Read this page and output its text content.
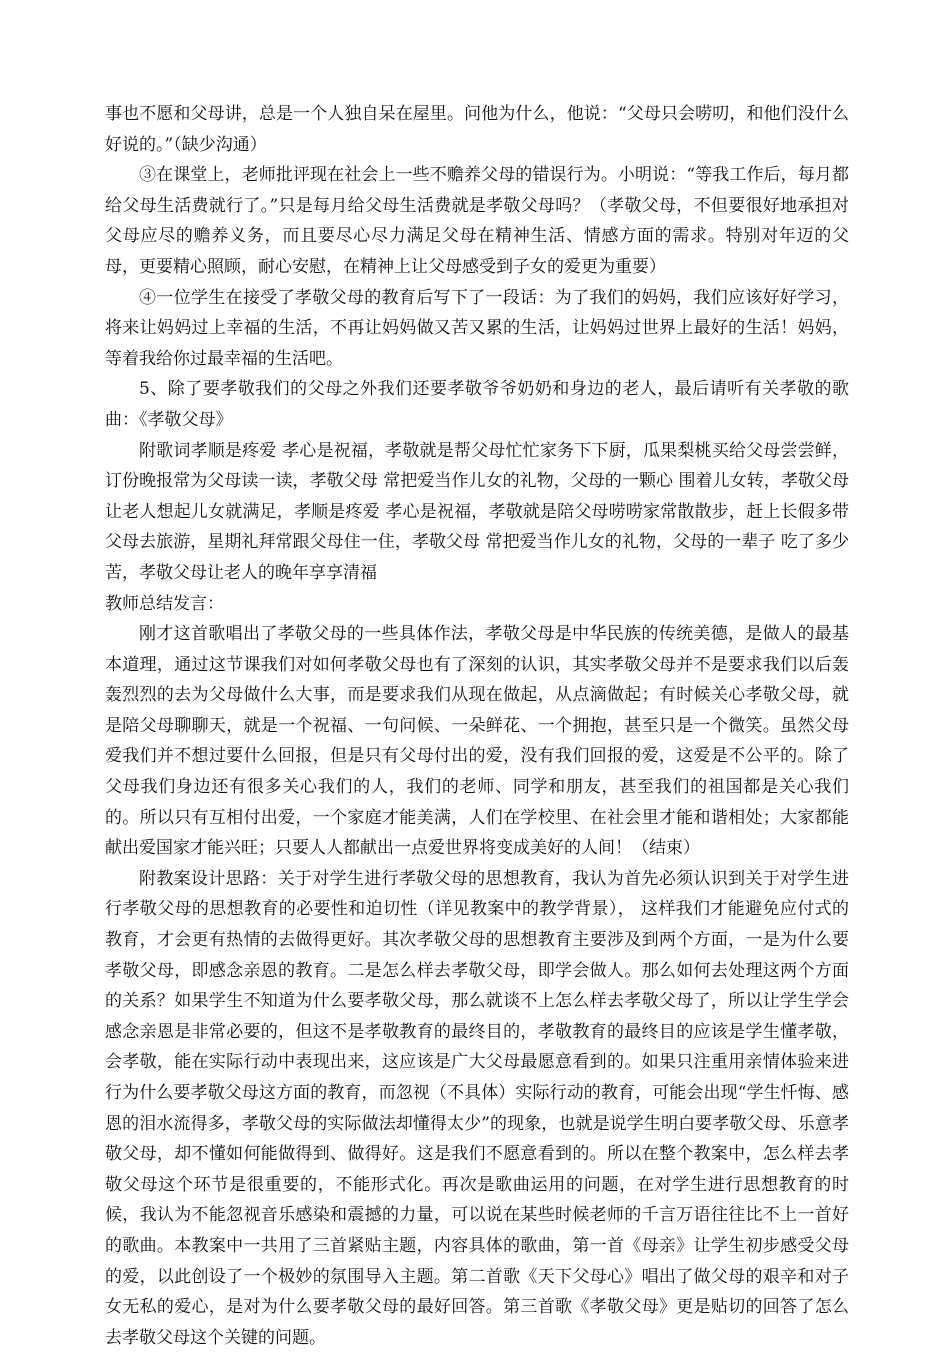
事也不愿和父母讲，总是一个人独自呆在屋里。问他为什么，他说：“父母只会唠叨，和他们没什么好说的。”（缺少沟通）

③在课堂上，老师批评现在社会上一些不赡养父母的错误行为。小明说：“等我工作后，每月都给父母生活费就行了。”只是每月给父母生活费就是孝敬父母吗？（孝敬父母，不但要很好地承担对父母应尽的赡养义务，而且要尽心尽力满足父母在精神生活、情感方面的需求。特别对年迈的父母，更要精心照顾，耐心安慰，在精神上让父母感受到子女的爱更为重要）

④一位学生在接受了孝敬父母的教育后写下了一段话：为了我们的妈妈，我们应该好好学习，将来让妈妈过上幸福的生活，不再让妈妈做又苦又累的生活，让妈妈过世界上最好的生活！妈妈，等着我给你过最幸福的生活吧。

5、除了要孝敬我们的父母之外我们还要孝敬爷爷奶奶和身边的老人，最后请听有关孝敬的歌曲：《孝敬父母》

附歌词孝顺是疼爱 孝心是祝福，孝敬就是帮父母忙忙家务下下厨，瓜果梨桃买给父母尝尝鲜，订份晚报常为父母读一读，孝敬父母 常把爱当作儿女的礼物，父母的一颗心 围着儿女转，孝敬父母让老人想起儿女就满足，孝顺是疼爱 孝心是祝福，孝敬就是陪父母唠唠家常散散步，赶上长假多带父母去旅游，星期礼拜常跟父母住一住，孝敬父母 常把爱当作儿女的礼物，父母的一辈子 吃了多少苦，孝敬父母让老人的晚年享享清福

教师总结发言：

刚才这首歌唱出了孝敬父母的一些具体作法，孝敬父母是中华民族的传统美德，是做人的最基本道理，通过这节课我们对如何孝敬父母也有了深刻的认识，其实孝敬父母并不是要求我们以后轰轰烈烈的去为父母做什么大事，而是要求我们从现在做起，从点滴做起；有时候关心孝敬父母，就是陪父母聊聊天，就是一个祝福、一句问候、一朵鲜花、一个拥抱，甚至只是一个微笑。虽然父母爱我们并不想过要什么回报，但是只有父母付出的爱，没有我们回报的爱，这爱是不公平的。除了父母我们身边还有很多关心我们的人，我们的老师、同学和朋友，甚至我们的祖国都是关心我们的。所以只有互相付出爱，一个家庭才能美满，人们在学校里、在社会里才能和谐相处；大家都能献出爱国家才能兴旺；只要人人都献出一点爱世界将变成美好的人间！（结束）

附教案设计思路：关于对学生进行孝敬父母的思想教育，我认为首先必须认识到关于对学生进行孝敬父母的思想教育的必要性和迫切性（详见教案中的教学背景）， 这样我们才能避免应付式的教育，才会更有热情的去做得更好。其次孝敬父母的思想教育主要涉及到两个方面，一是为什么要孝敬父母，即感念亲恩的教育。二是怎么样去孝敬父母，即学会做人。那么如何去处理这两个方面的关系？如果学生不知道为什么要孝敬父母，那么就谈不上怎么样去孝敬父母了，所以让学生学会感念亲恩是非常必要的，但这不是孝敬教育的最终目的，孝敬教育的最终目的应该是学生懂孝敬，会孝敬，能在实际行动中表现出来，这应该是广大父母最愿意看到的。如果只注重用亲情体验来进行为什么要孝敬父母这方面的教育，而忽视（不具体）实际行动的教育，可能会出现“学生忏悔、感恩的泪水流得多，孝敬父母的实际做法却懂得太少”的现象，也就是说学生明白要孝敬父母、乐意孝敬父母，却不懂如何能做得到、做得好。这是我们不愿意看到的。所以在整个教案中，怎么样去孝敬父母这个环节是很重要的，不能形式化。再次是歌曲运用的问题，在对学生进行思想教育的时候，我认为不能忽视音乐感染和震撼的力量，可以说在某些时候老师的千言万语往往比不上一首好的歌曲。本教案中一共用了三首紧贴主题，内容具体的歌曲，第一首《母亲》让学生初步感受父母的爱，以此创设了一个极妙的氛围导入主题。第二首歌《天下父母心》唱出了做父母的艰辛和对子女无私的爱心，是对为什么要孝敬父母的最好回答。第三首歌《孝敬父母》更是贴切的回答了怎么去孝敬父母这个关键的问题。
